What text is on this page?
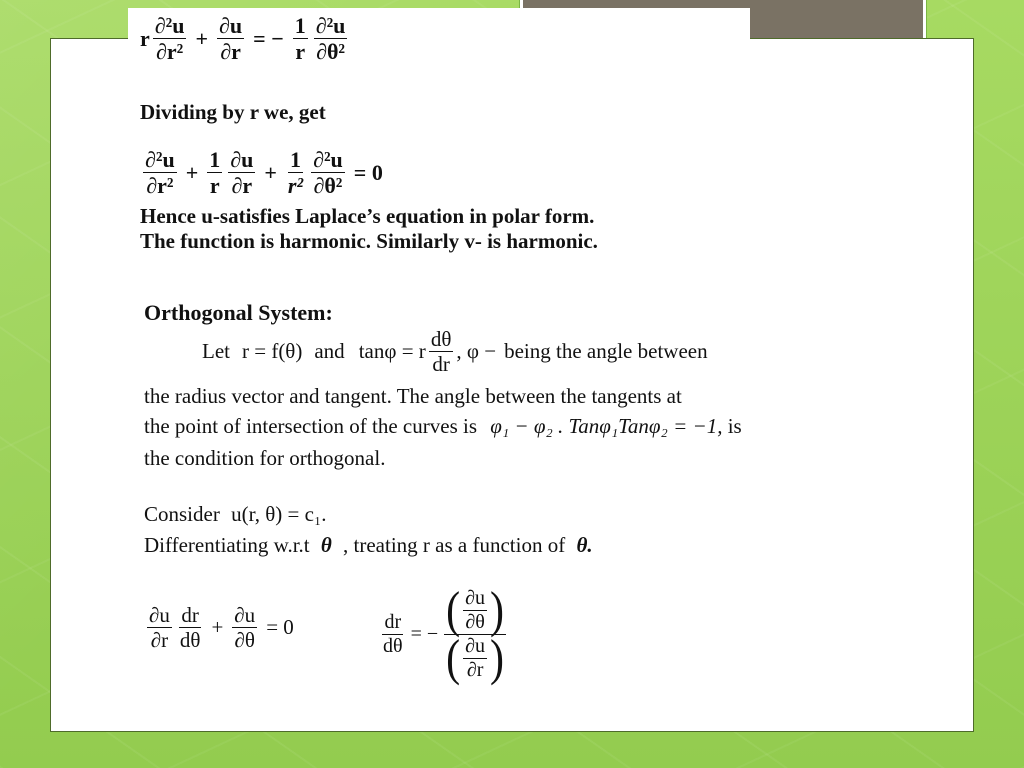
r $\frac{\text{∂²u}}{\text{∂r²}} + \frac{\partial u}{\partial r}$ = − $\frac{1}{r} \frac{\text{∂²u}}{\text{∂θ²}}$
Dividing by r we, get
$\frac{\text{∂²u}}{\text{∂r²}} + \frac{1}{r} \frac{\partial u}{\partial r} + \frac{1}{\text{r²}} \frac{\text{∂²u}}{\text{∂θ²}} = 0$
Hence u-satisfies Laplace’s equation in polar form.
The function is harmonic. Similarly v- is harmonic.
Orthogonal System:
Let r = f(θ) and tanφ = r $\frac{d\theta}{dr}$ , φ − being the angle between
the radius vector and tangent. The angle between the tangents at
the point of intersection of the curves is φ₁ − φ₂ . Tanφ₁Tanφ₂ = −1, is
the condition for orthogonal.
Consider u(r, θ) = c₁.
Differentiating w.r.t θ , treating r as a function of θ.
$\frac{\partial u}{\partial r} \frac{dr}{d\theta} + \frac{\partial u}{\partial\theta} = 0$	$\frac{dr}{d\theta}$ = − ( $\frac{\partial u}{\partial\theta}$ )
( $\frac{\partial u}{\partial r}$ )
